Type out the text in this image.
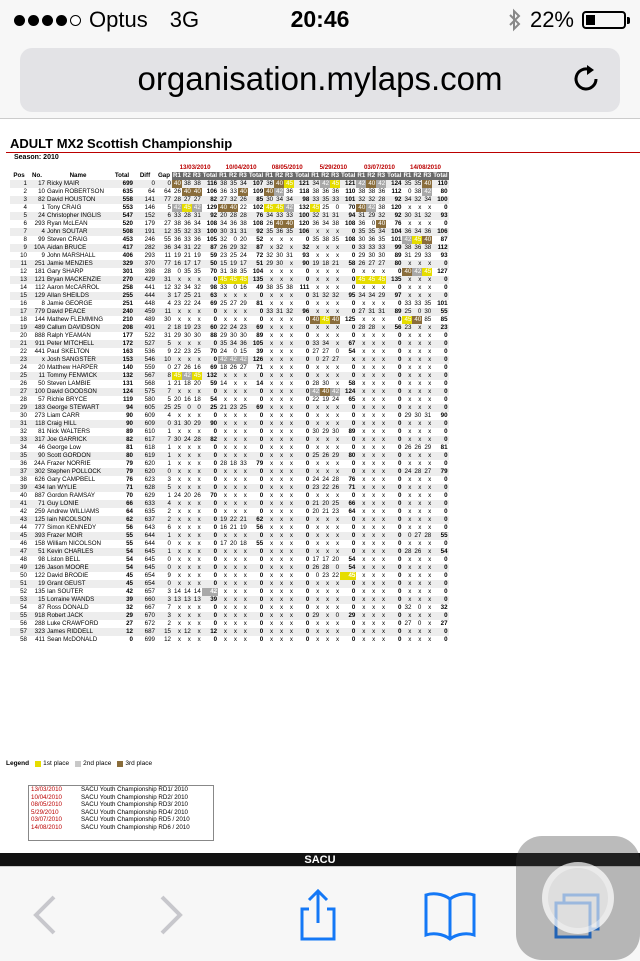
Optus 3G	20:46	22%
organisation.mylaps.com
ADULT MX2 Scottish Championship
Season: 2010
						13/03/2010				10/04/2010				08/05/2010				5/29/2010				03/07/2010				14/08/2010			
Pos	No.	Name	Total	Diff	Gap	R1	R2	R3	Total	R1	R2	R3	Total	R1	R2	R3	Total	R1	R2	R3	Total	R1	R2	R3	Total	R1	R2	R3	Total
1	17	Ricky MAIR	699	0	0	40	38	38	116	38	35	34	107	36	40	45	121	34	42	45	121	42	40	42	124	35	35	40	110
2	10	Gavin ROBERTSON	635	64	64	26	40	40	106	36	33	40	109	40	42	36	118	38	36	36	110	38	38	36	112	0	38	42	80
3	82	David HOUSTON	558	141	77	28	27	27	82	27	32	26	85	30	34	34	98	33	35	33	101	32	32	28	92	34	32	34	100
4	1	Tony CRAIG	553	146	5	42	45	42	129	40	40	22	102	45	45	42	132	45	25	0	70	40	42	38	120	x	x	x	0
5	24	Christopher INGLIS	547	152	6	33	28	31	92	20	28	28	76	34	33	33	100	32	31	31	94	31	29	32	92	30	31	32	93
6	293	Ryan McLEAN	520	179	27	38	36	34	108	34	36	38	108	26	40	40	120	36	34	38	108	36	0	40	76	x	x	x	0
7	4	John SOUTAR	508	191	12	35	32	33	100	30	31	31	92	35	36	35	106	x	x	x	0	35	35	34	104	36	34	36	106
8	99	Steven CRAIG	453	246	55	36	33	36	105	32	0	20	52	x	x	x	0	35	38	35	108	30	36	35	101	42	45	40	87
9	10A	Aidan BRUCE	417	282	36	34	31	22	87	26	29	32	87	x	32	x	32	x	x	x	0	33	33	33	99	38	36	38	112
10	9	John MARSHALL	406	293	11	19	21	19	59	23	25	24	72	32	30	31	93	x	x	x	0	29	30	30	89	31	29	33	93
11	251	Jamie MENZIES	329	370	77	16	17	17	50	15	19	17	51	29	30	x	90	19	18	21	58	26	27	27	80	x	x	x	0
12	181	Gary SHARP	301	398	28	0	35	35	70	31	38	35	104	x	x	x	0	x	x	x	0	x	x	x	0	40	42	45	127
13	121	Bryan MACKENZIE	270	429	31	x	x	x	0	45	45	45	135	x	x	x	0	x	x	x	0	45	45	45	135	x	x	x	0
14	112	Aaron McCARROL	258	441	12	32	34	32	98	33	0	16	49	38	35	38	111	x	x	x	0	x	x	x	0	x	x	x	0
15	129	Allan SHEILDS	255	444	3	17	25	21	63	x	x	x	0	x	x	x	0	31	32	32	95	34	34	29	97	x	x	x	0
16	8	Jamie GEORGE	251	448	4	23	22	24	69	25	27	29	81	x	x	x	0	x	x	x	0	x	x	x	0	33	33	35	101
17	779	David PEACE	240	459	11	x	x	x	0	x	x	x	0	33	31	32	96	x	x	x	0	27	31	31	89	25	0	30	55
18	144	Mathew FLEMMING	210	489	30	x	x	x	0	x	x	x	0	x	x	x	0	40	45	40	125	x	x	x	0	45	40	85	85
19	489	Callum DAVIDSON	208	491	2	18	19	23	60	22	24	23	69	x	x	x	0	x	x	x	0	28	28	x	56	23	x	x	23
20	888	Ralph YEAMAN	177	522	31	29	30	30	88	29	30	30	89	x	x	x	0	x	x	x	0	x	x	x	0	x	x	x	0
21	911	Peter MITCHELL	172	527	5	x	x	x	0	35	34	36	105	x	x	x	0	33	34	x	67	x	x	x	0	x	x	x	0
22	441	Paul SKELTON	163	536	9	22	23	25	70	24	0	15	39	x	x	x	0	27	27	0	54	x	x	x	0	x	x	x	0
23	x	Josh SANGSTER	153	546	10	x	x	x	0	42	42	42	126	x	x	x	0	0	27	27	x	x	x	x	0	x	x	x	0
24	20	Matthew HARPER	140	559	0	27	26	16	69	18	26	27	71	x	x	x	0	x	x	x	0	x	x	x	0	x	x	x	0
25	11	Tommy FENWICK	132	567	8	45	42	45	132	x	x	x	0	x	x	x	0	x	x	x	0	x	x	x	0	x	x	x	0
26	50	Steven LAMBIE	131	568	1	21	18	20	59	14	x	x	14	x	x	x	0	28	30	x	58	x	x	x	0	x	x	x	0
27	100	David GOODSON	124	575	7	x	x	x	0	x	x	x	0	x	x	x	0	42	40	42	124	x	x	x	0	x	x	x	0
28	57	Richie BRYCE	119	580	5	20	16	18	54	x	x	x	0	x	x	x	0	22	19	24	65	x	x	x	0	x	x	x	0
29	183	George STEWART	94	605	25	25	0	0	25	21	23	25	69	x	x	x	0	x	x	x	0	x	x	x	0	x	x	x	0
30	273	Liam CARR	90	609	4	x	x	x	0	x	x	x	0	x	x	x	0	x	x	x	0	x	x	x	0	29	30	31	90
31	118	Craig HILL	90	609	0	31	30	29	90	x	x	x	0	x	x	x	0	x	x	x	0	x	x	x	0	x	x	x	0
32	81	Nick WALTERS	89	610	1	x	x	x	0	x	x	x	0	x	x	x	0	30	29	30	89	x	x	x	0	x	x	x	0
33	317	Joe GARRICK	82	617	7	30	24	28	82	x	x	x	0	x	x	x	0	x	x	x	0	x	x	x	0	x	x	x	0
34	46	George Low	81	618	1	x	x	x	0	x	x	x	0	x	x	x	0	x	x	x	0	x	x	x	0	26	26	29	81
35	90	Scott GORDON	80	619	1	x	x	x	0	x	x	x	0	x	x	x	0	25	26	29	80	x	x	x	0	x	x	x	0
36	24A	Frazer NORRIE	79	620	1	x	x	x	0	28	18	33	79	x	x	x	0	x	x	x	0	x	x	x	0	x	x	x	0
37	302	Stephen POLLOCK	79	620	0	x	x	x	0	x	x	x	0	x	x	x	0	x	x	x	0	x	x	x	0	24	28	27	79
38	626	Gary CAMPBELL	76	623	3	x	x	x	0	x	x	x	0	x	x	x	0	24	24	28	76	x	x	x	0	x	x	x	0
39	434	Ian WYLIE	71	628	5	x	x	x	0	x	x	x	0	x	x	x	0	23	22	26	71	x	x	x	0	x	x	x	0
40	887	Gordon RAMSAY	70	629	1	24	20	26	70	x	x	x	0	x	x	x	0	x	x	x	0	x	x	x	0	x	x	x	0
41	71	Guy LONIE	66	633	4	x	x	x	0	x	x	x	0	x	x	x	0	21	20	25	66	x	x	x	0	x	x	x	0
42	259	Andrew WILLIAMS	64	635	2	x	x	x	0	x	x	x	0	x	x	x	0	20	21	23	64	x	x	x	0	x	x	x	0
43	125	Iain NICOLSON	62	637	2	x	x	x	0	19	22	21	62	x	x	x	0	x	x	x	0	x	x	x	0	x	x	x	0
44	777	Simon KENNEDY	56	643	6	x	x	x	0	16	21	19	56	x	x	x	0	x	x	x	0	x	x	x	0	x	x	x	0
45	393	Frazer MOIR	55	644	1	x	x	x	0	x	x	x	0	x	x	x	0	x	x	x	0	x	x	x	0	0	27	28	55
46	158	William NICOLSON	55	644	0	x	x	x	0	17	20	18	55	x	x	x	0	x	x	x	0	x	x	x	0	x	x	x	0
47	51	Kevin CHARLES	54	645	1	x	x	x	0	x	x	x	0	x	x	x	0	x	x	x	0	x	x	x	0	28	26	x	54
48	98	Liston BELL	54	645	0	x	x	x	0	x	x	x	0	x	x	x	0	17	17	20	54	x	x	x	0	x	x	x	0
49	126	Jason MOORE	54	645	0	x	x	x	0	x	x	x	0	x	x	x	0	26	28	0	54	x	x	x	0	x	x	x	0
50	122	David BRODIE	45	654	9	x	x	x	0	x	x	x	0	x	x	x	0	0	23	22	45	x	x	x	0	x	x	x	0
51	19	Grant GEUST	45	654	0	x	x	x	0	x	x	x	0	x	x	x	0	x	x	x	0	x	x	x	0	x	x	x	0
52	135	Ian SOUTER	42	657	3	14	14	14	42	x	x	x	0	x	x	x	0	x	x	x	0	x	x	x	0	x	x	x	0
53	15	Lorraine WANDS	39	660	3	13	13	13	39	x	x	x	0	x	x	x	0	x	x	x	0	x	x	x	0	x	x	x	0
54	87	Ross DONALD	32	667	7	x	x	x	0	x	x	x	0	x	x	x	0	x	x	x	0	x	x	x	0	32	0	x	32
55	918	Robert JACK	29	670	3	x	x	x	0	x	x	x	0	x	x	x	0	29	x	0	29	x	x	x	0	x	x	x	0
56	288	Luke CRAWFORD	27	672	2	x	x	x	0	x	x	x	0	x	x	x	0	x	x	x	0	x	x	x	0	27	0	x	27
57	323	James RIDDELL	12	687	15	x	12	x	12	x	x	x	0	x	x	x	0	x	x	x	0	x	x	x	0	x	x	x	0
58	411	Sean McDONALD	0	699	12	x	x	x	0	x	x	x	0	x	x	x	0	x	x	x	0	x	x	x	0	x	x	x	0
Legend 1st place 2nd place 3rd place
13/03/2010	SACU Youth Championship RD1/ 2010
10/04/2010	SACU Youth Championship RD2/ 2010
08/05/2010	SACU Youth Championship RD3/ 2010
5/29/2010	SACU Youth Championship RD4/ 2010
03/07/2010	SACU Youth Championship RD5 / 2010
14/08/2010	SACU Youth Championship RD6 / 2010
SACU
